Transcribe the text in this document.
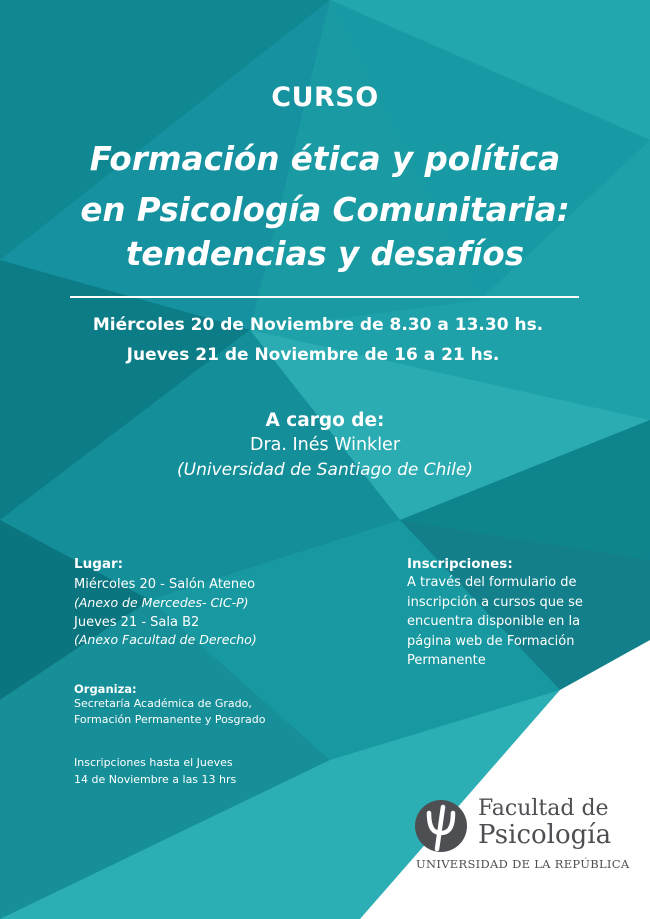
CURSO

Formación ética y política

en Psicología Comunitaria:

tendencias y desafíos

Miércoles 20 de Noviembre de 8.30 a 13.30 hs.

Jueves 21 de Noviembre de 16 a 21 hs.

A cargo de:

Dra. Inés Winkler

(Universidad de Santiago de Chile)

Lugar:

Miércoles 20 - Salón Ateneo

(Anexo de Mercedes- CIC-P)

Jueves 21 - Sala B2

(Anexo Facultad de Derecho)

Inscripciones:

A través del formulario de

inscripción a cursos que se

encuentra disponible en la

página web de Formación

Permanente

Organiza:

Secretaría Académica de Grado,

Formación Permanente y Posgrado

Inscripciones hasta el Jueves

14 de Noviembre a las 13 hrs

Facultad de

Psicología

UNIVERSIDAD DE LA REPÚBLICA
